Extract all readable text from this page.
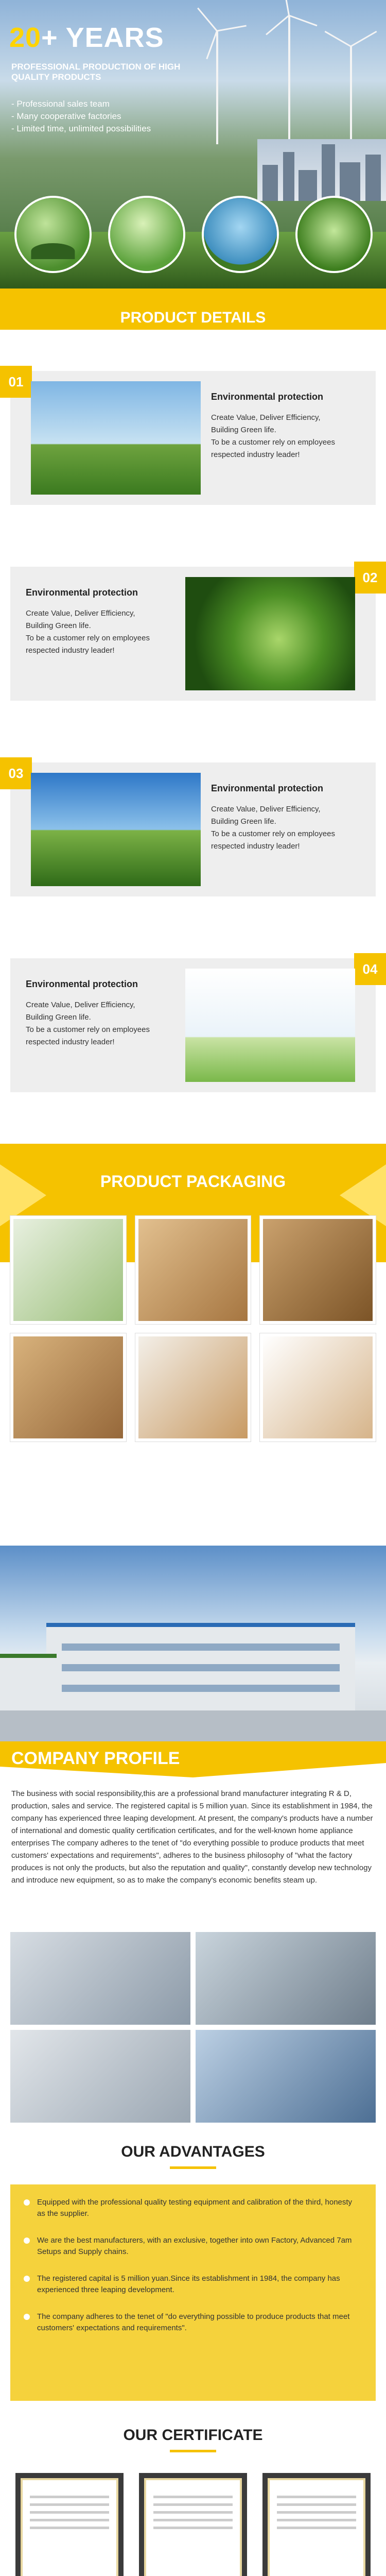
20+ YEARS
PROFESSIONAL PRODUCTION OF HIGH QUALITY PRODUCTS
- Professional sales team
- Many cooperative factories
- Limited time, unlimited possibilities
PRODUCT DETAILS
01
Environmental protection
Create Value, Deliver Efficiency,
Building Green life.
To be a customer rely on employees
respected industry leader!
02
Environmental protection
Create Value, Deliver Efficiency,
Building Green life.
To be a customer rely on employees
respected industry leader!
03
Environmental protection
Create Value, Deliver Efficiency,
Building Green life.
To be a customer rely on employees
respected industry leader!
04
Environmental protection
Create Value, Deliver Efficiency,
Building Green life.
To be a customer rely on employees
respected industry leader!
PRODUCT PACKAGING
COMPANY PROFILE

The business with social responsibility,this are a professional brand manufacturer integrating R & D, production, sales and service. The registered capital is 5 million yuan. Since its establishment in 1984, the company has experienced three leaping development. At present, the company's products have a number of international and domestic quality certification certificates, and for the well-known home appliance enterprises The company adheres to the tenet of "do everything possible to produce products that meet customers' expectations and requirements", adheres to the business philosophy of "what the factory produces is not only the products, but also the reputation and quality", constantly develop new technology and introduce new equipment, so as to make the company's economic benefits steam up.

OUR ADVANTAGES
Equipped with the professional quality testing equipment and calibration of the third, honesty as the supplier.
We are the best manufacturers, with an exclusive, together into own Factory, Advanced 7am Setups and Supply chains.
The registered capital is 5 million yuan.Since its establishment in 1984, the company has experienced three leaping development.
The company adheres to the tenet of "do everything possible to produce products that meet customers' expectations and requirements".
OUR CERTIFICATE
